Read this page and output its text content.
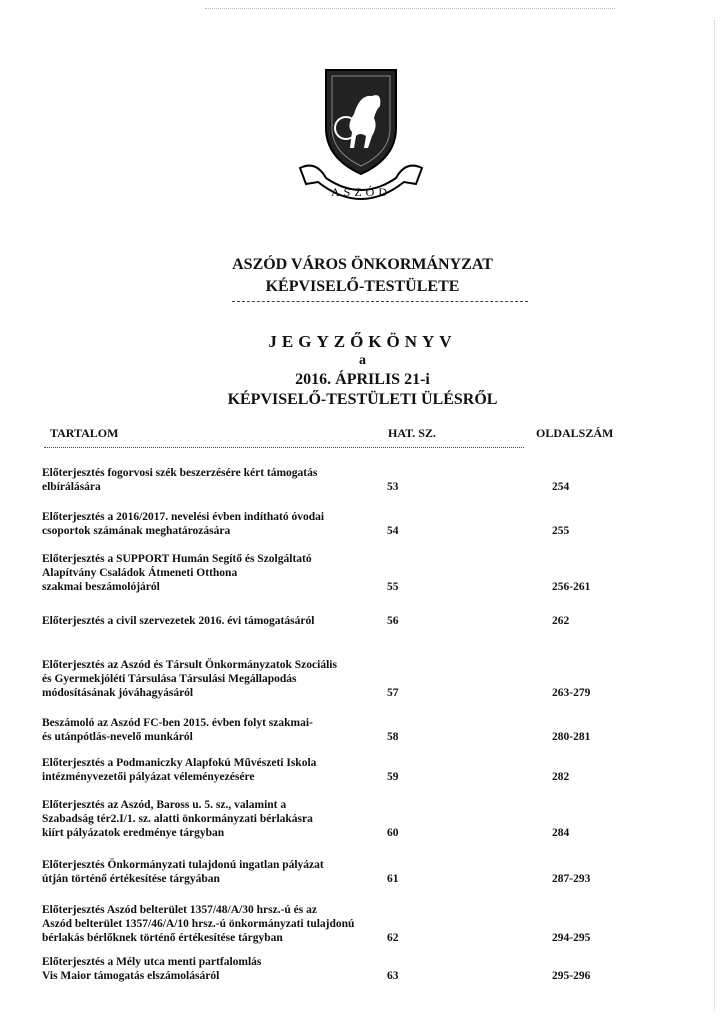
ASZÓD
ASZÓD VÁROS ÖNKORMÁNYZAT
KÉPVISELŐ-TESTÜLETE
JEGYZŐKÖNYV
a
2016. ÁPRILIS 21-i
KÉPVISELŐ-TESTÜLETI ÜLÉSRŐL
TARTALOM	HAT. SZ.	OLDALSZÁM
Előterjesztés fogorvosi szék beszerzésére kért támogatás
elbírálására	53	254
Előterjesztés a 2016/2017. nevelési évben indítható óvodai
csoportok számának meghatározására	54	255
Előterjesztés a SUPPORT Humán Segítő és Szolgáltató
Alapítvány Családok Átmeneti Otthona
szakmai beszámolójáról	55	256-261
Előterjesztés a civil szervezetek 2016. évi támogatásáról	56	262
Előterjesztés az Aszód és Társult Önkormányzatok Szociális
és Gyermekjóléti Társulása Társulási Megállapodás
módosításának jóváhagyásáról	57	263-279
Beszámoló az Aszód FC-ben 2015. évben folyt szakmai-
és utánpótlás-nevelő munkáról	58	280-281
Előterjesztés a Podmaniczky Alapfokú Művészeti Iskola
intézményvezetői pályázat véleményezésére	59	282
Előterjesztés az Aszód, Baross u. 5. sz., valamint a
Szabadság tér2.I/1. sz. alatti önkormányzati bérlakásra
kiírt pályázatok eredménye tárgyban	60	284
Előterjesztés Önkormányzati tulajdonú ingatlan pályázat
útján történő értékesítése tárgyában	61	287-293
Előterjesztés Aszód belterület 1357/48/A/30 hrsz.-ú és az
Aszód belterület 1357/46/A/10 hrsz.-ú önkormányzati tulajdonú
bérlakás bérlőknek történő értékesítése tárgyban	62	294-295
Előterjesztés a Mély utca menti partfalomlás
Vis Maior támogatás elszámolásáról	63	295-296
